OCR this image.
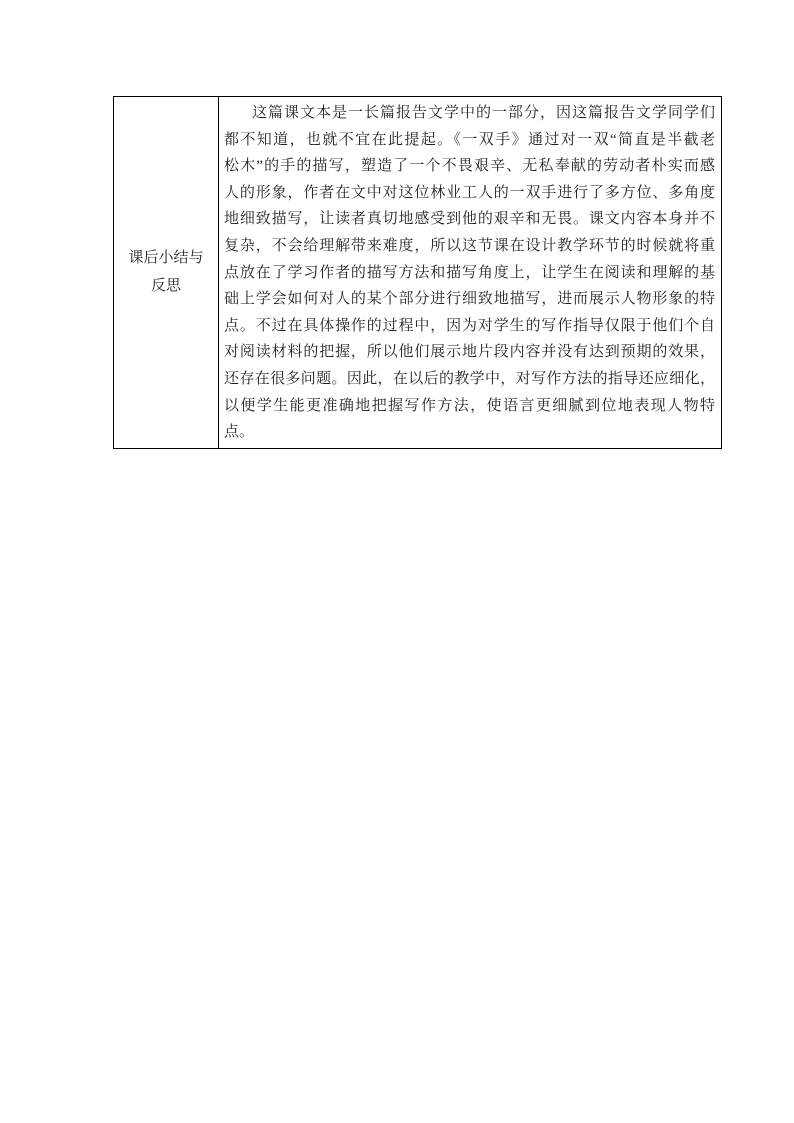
课后小结与
反思
这篇课文本是一长篇报告文学中的一部分，因这篇报告文学同学们
都不知道，也就不宜在此提起。《一双手》通过对一双“简直是半截老
松木”的手的描写，塑造了一个不畏艰辛、无私奉献的劳动者朴实而感
人的形象，作者在文中对这位林业工人的一双手进行了多方位、多角度
地细致描写，让读者真切地感受到他的艰辛和无畏。课文内容本身并不
复杂，不会给理解带来难度，所以这节课在设计教学环节的时候就将重
点放在了学习作者的描写方法和描写角度上，让学生在阅读和理解的基
础上学会如何对人的某个部分进行细致地描写，进而展示人物形象的特
点。不过在具体操作的过程中，因为对学生的写作指导仅限于他们个自
对阅读材料的把握，所以他们展示地片段内容并没有达到预期的效果，
还存在很多问题。因此，在以后的教学中，对写作方法的指导还应细化，
以便学生能更准确地把握写作方法，使语言更细腻到位地表现人物特
点。
